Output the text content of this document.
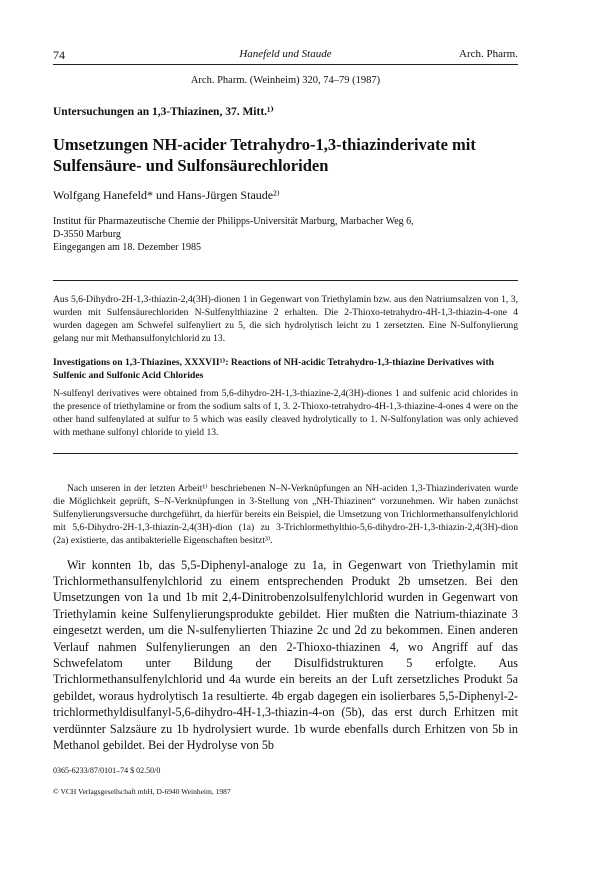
74	Hanefeld und Staude	Arch. Pharm.
Arch. Pharm. (Weinheim) 320, 74–79 (1987)
Untersuchungen an 1,3-Thiazinen, 37. Mitt.¹⁾
Umsetzungen NH-acider Tetrahydro-1,3-thiazinderivate mit Sulfensäure- und Sulfonsäurechloriden
Wolfgang Hanefeld* und Hans-Jürgen Staude²⁾
Institut für Pharmazeutische Chemie der Philipps-Universität Marburg, Marbacher Weg 6,
D-3550 Marburg
Eingegangen am 18. Dezember 1985

Aus 5,6-Dihydro-2H-1,3-thiazin-2,4(3H)-dionen 1 in Gegenwart von Triethylamin bzw. aus den Natriumsalzen von 1, 3, wurden mit Sulfensäurechloriden N-Sulfenylthiazine 2 erhalten. Die 2-Thioxo-tetrahydro-4H-1,3-thiazin-4-one 4 wurden dagegen am Schwefel sulfenyliert zu 5, die sich hydrolytisch leicht zu 1 zersetzten. Eine N-Sulfonylierung gelang nur mit Methansulfonylchlorid zu 13.

Investigations on 1,3-Thiazines, XXXVII¹⁾: Reactions of NH-acidic Tetrahydro-1,3-thiazine Derivatives with Sulfenic and Sulfonic Acid Chlorides

N-sulfenyl derivatives were obtained from 5,6-dihydro-2H-1,3-thiazine-2,4(3H)-diones 1 and sulfenic acid chlorides in the presence of triethylamine or from the sodium salts of 1, 3. 2-Thioxo-tetrahydro-4H-1,3-thiazine-4-ones 4 were on the other hand sulfenylated at sulfur to 5 which was easily cleaved hydrolytically to 1. N-Sulfonylation was only achieved with methane sulfonyl chloride to yield 13.

Nach unseren in der letzten Arbeit¹⁾ beschriebenen N–N-Verknüpfungen an NH-aciden 1,3-Thiazinderivaten wurde die Möglichkeit geprüft, S–N-Verknüpfungen in 3-Stellung von „NH-Thiazinen“ vorzunehmen. Wir haben zunächst Sulfenylierungsversuche durchgeführt, da hierfür bereits ein Beispiel, die Umsetzung von Trichlormethansulfenylchlorid mit 5,6-Dihydro-2H-1,3-thiazin-2,4(3H)-dion (1a) zu 3-Trichlormethylthio-5,6-dihydro-2H-1,3-thiazin-2,4(3H)-dion (2a) existierte, das antibakterielle Eigenschaften besitzt³⁾.

Wir konnten 1b, das 5,5-Diphenyl-analoge zu 1a, in Gegenwart von Triethylamin mit Trichlormethansulfenylchlorid zu einem entsprechenden Produkt 2b umsetzen. Bei den Umsetzungen von 1a und 1b mit 2,4-Dinitrobenzolsulfenylchlorid wurden in Gegenwart von Triethylamin keine Sulfenylierungsprodukte gebildet. Hier mußten die Natrium-thiazinate 3 eingesetzt werden, um die N-sulfenylierten Thiazine 2c und 2d zu bekommen. Einen anderen Verlauf nahmen Sulfenylierungen an den 2-Thioxo-thiazinen 4, wo Angriff auf das Schwefelatom unter Bildung der Disulfidstrukturen 5 erfolgte. Aus Trichlormethansulfenylchlorid und 4a wurde ein bereits an der Luft zersetzliches Produkt 5a gebildet, woraus hydrolytisch 1a resultierte. 4b ergab dagegen ein isolierbares 5,5-Diphenyl-2-trichlormethyldisulfanyl-5,6-dihydro-4H-1,3-thiazin-4-on (5b), das erst durch Erhitzen mit verdünnter Salzsäure zu 1b hydrolysiert wurde. 1b wurde ebenfalls durch Erhitzen von 5b in Methanol gebildet. Bei der Hydrolyse von 5b

0365-6233/87/0101–74 $ 02.50/0
© VCH Verlagsgesellschaft mbH, D-6940 Weinheim, 1987
